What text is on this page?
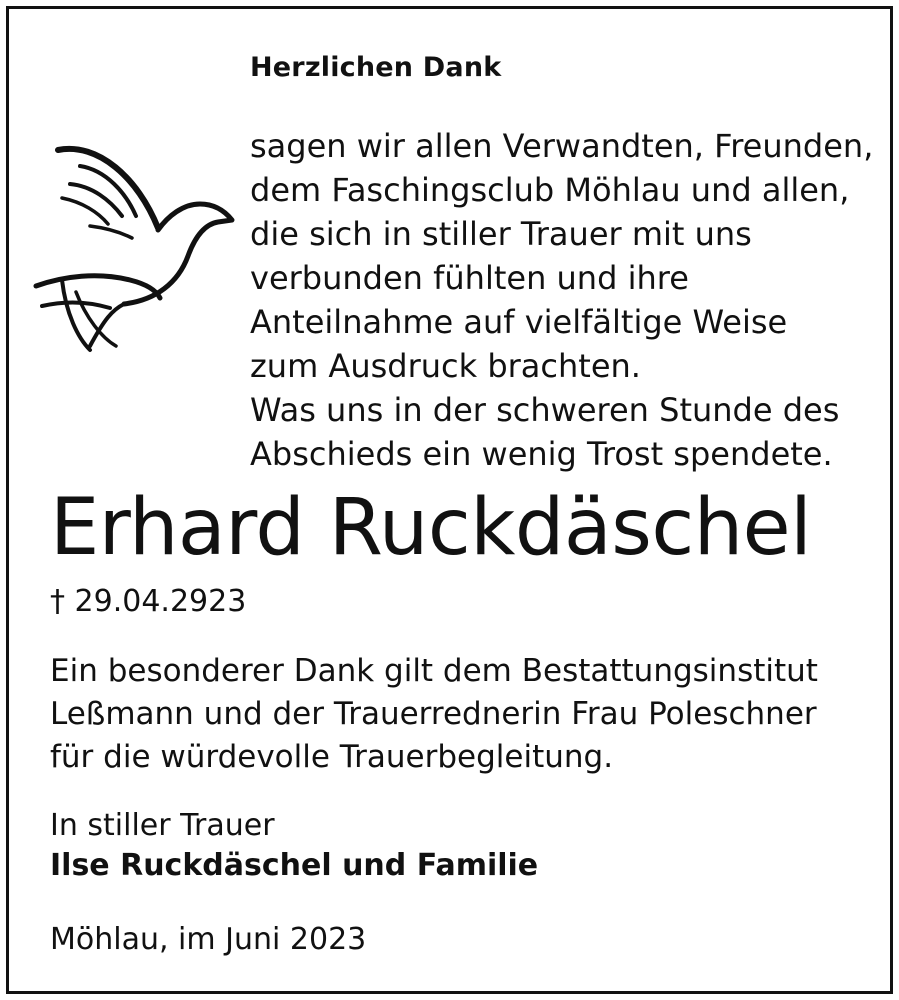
Herzlichen Dank
sagen wir allen Verwandten, Freunden,
dem Faschingsclub Möhlau und allen,
die sich in stiller Trauer mit uns
verbunden fühlten und ihre
Anteilnahme auf vielfältige Weise
zum Ausdruck brachten.
Was uns in der schweren Stunde des
Abschieds ein wenig Trost spendete.
Erhard Ruckdäschel
† 29.04.2923
Ein besonderer Dank gilt dem Bestattungsinstitut
Leßmann und der Trauerrednerin Frau Poleschner
für die würdevolle Trauerbegleitung.
In stiller Trauer
Ilse Ruckdäschel und Familie
Möhlau, im Juni 2023
